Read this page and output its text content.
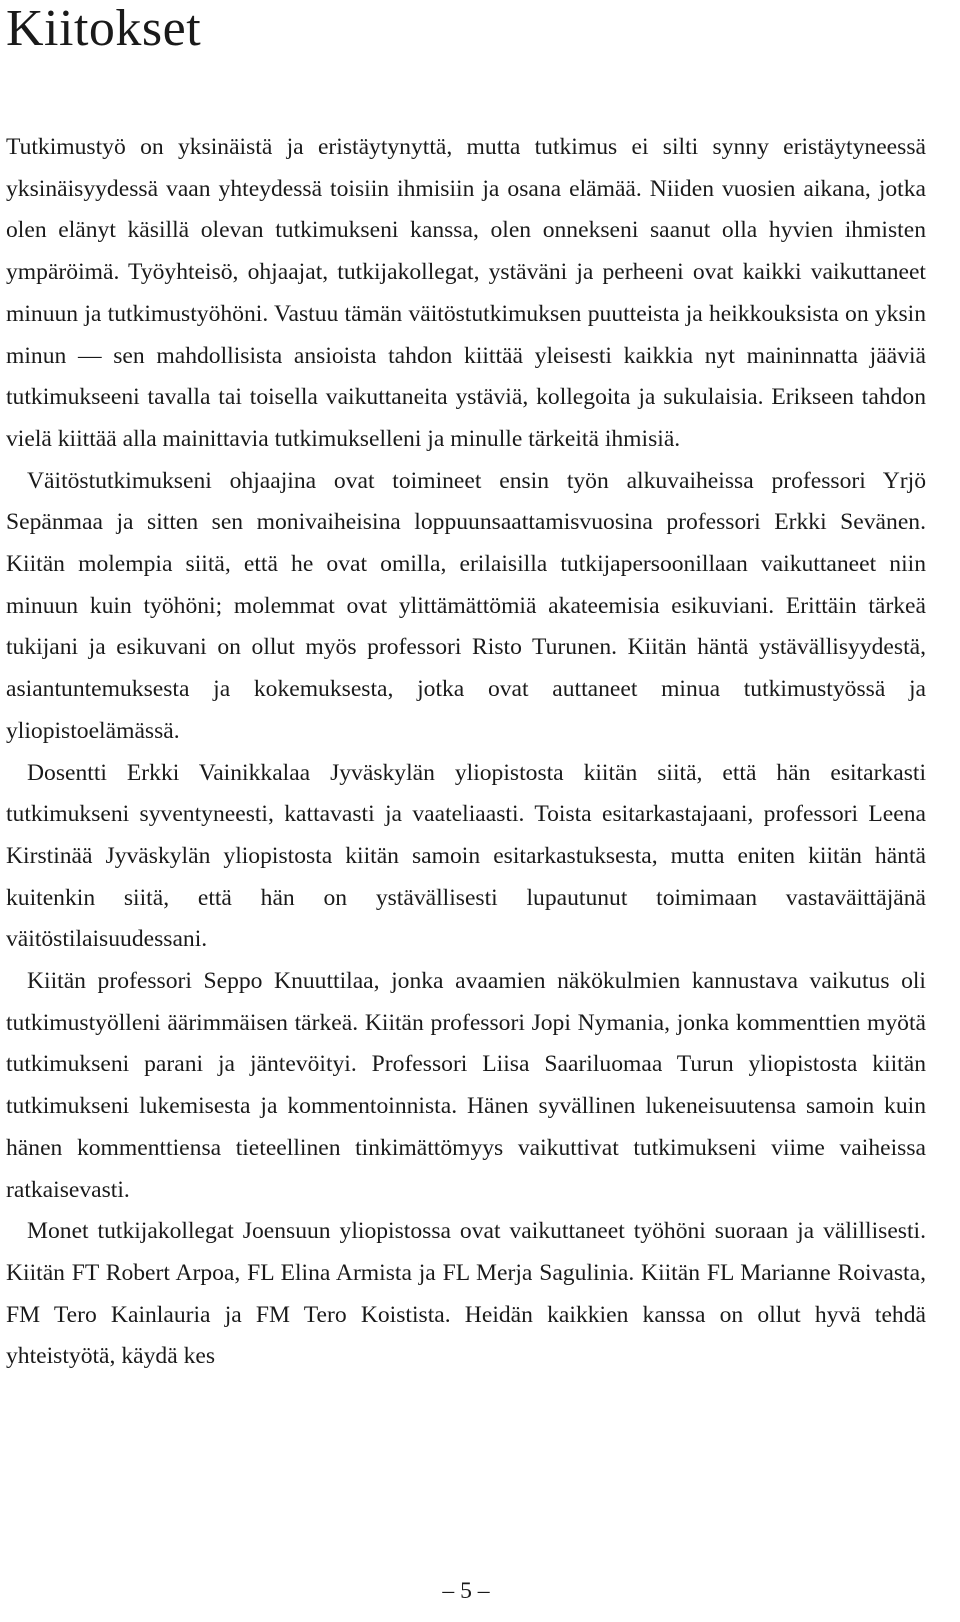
Kiitokset

Tutkimustyö on yksinäistä ja eristäytynyttä, mutta tutkimus ei silti synny eristäytyneessä yksinäisyydessä vaan yhteydessä toisiin ihmisiin ja osana elämää. Niiden vuosien aikana, jotka olen elänyt käsillä olevan tutkimukseni kanssa, olen onnekseni saanut olla hyvien ihmisten ympäröimä. Työyhteisö, ohjaajat, tutkijakollegat, ystäväni ja perheeni ovat kaikki vaikuttaneet minuun ja tutkimustyöhöni. Vastuu tämän väitöstutkimuksen puutteista ja heikkouksista on yksin minun — sen mahdollisista ansioista tahdon kiittää yleisesti kaikkia nyt maininnatta jääviä tutkimukseeni tavalla tai toisella vaikuttaneita ystäviä, kollegoita ja sukulaisia. Erikseen tahdon vielä kiittää alla mainittavia tutkimukselleni ja minulle tärkeitä ihmisiä.

Väitöstutkimukseni ohjaajina ovat toimineet ensin työn alkuvaiheissa professori Yrjö Sepänmaa ja sitten sen monivaiheisina loppuunsaattamisvuosina professori Erkki Sevänen. Kiitän molempia siitä, että he ovat omilla, erilaisilla tutkijapersoonillaan vaikuttaneet niin minuun kuin työhöni; molemmat ovat ylittämättömiä akateemisia esikuviani. Erittäin tärkeä tukijani ja esikuvani on ollut myös professori Risto Turunen. Kiitän häntä ystävällisyydestä, asiantuntemuksesta ja kokemuksesta, jotka ovat auttaneet minua tutkimustyössä ja yliopistoelämässä.

Dosentti Erkki Vainikkalaa Jyväskylän yliopistosta kiitän siitä, että hän esitarkasti tutkimukseni syventyneesti, kattavasti ja vaateliaasti. Toista esitarkastajaani, professori Leena Kirstinää Jyväskylän yliopistosta kiitän samoin esitarkastuksesta, mutta eniten kiitän häntä kuitenkin siitä, että hän on ystävällisesti lupautunut toimimaan vastaväittäjänä väitöstilaisuudessani.

Kiitän professori Seppo Knuuttilaa, jonka avaamien näkökulmien kannustava vaikutus oli tutkimustyölleni äärimmäisen tärkeä. Kiitän professori Jopi Nymania, jonka kommenttien myötä tutkimukseni parani ja jäntevöityi. Professori Liisa Saariluomaa Turun yliopistosta kiitän tutkimukseni lukemisesta ja kommentoinnista. Hänen syvällinen lukeneisuutensa samoin kuin hänen kommenttiensa tieteellinen tinkimättömyys vaikuttivat tutkimukseni viime vaiheissa ratkaisevasti.

Monet tutkijakollegat Joensuun yliopistossa ovat vaikuttaneet työhöni suoraan ja välillisesti. Kiitän FT Robert Arpoa, FL Elina Armista ja FL Merja Sagulinia. Kiitän FL Marianne Roivasta, FM Tero Kainlauria ja FM Tero Koistista. Heidän kaikkien kanssa on ollut hyvä tehdä yhteistyötä, käydä kes

– 5 –
